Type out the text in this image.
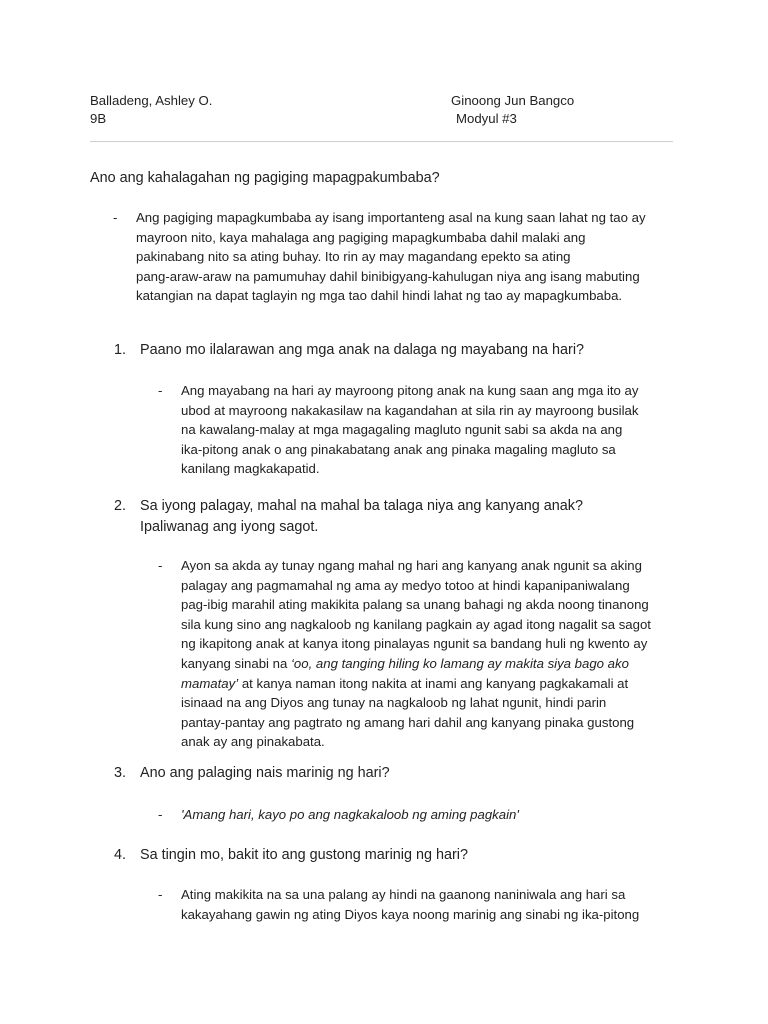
Balladeng, Ashley O.
9B
Ginoong Jun Bangco
Modyul #3
Ano ang kahalagahan ng pagiging mapagpakumbaba?
- Ang pagiging mapagkumbaba ay isang importanteng asal na kung saan lahat ng tao ay
mayroon nito, kaya mahalaga ang pagiging mapagkumbaba dahil malaki ang
pakinabang nito sa ating buhay. Ito rin ay may magandang epekto sa ating
pang-araw-araw na pamumuhay dahil binibigyang-kahulugan niya ang isang mabuting
katangian na dapat taglayin ng mga tao dahil hindi lahat ng tao ay mapagkumbaba.
1. Paano mo ilalarawan ang mga anak na dalaga ng mayabang na hari?
- Ang mayabang na hari ay mayroong pitong anak na kung saan ang mga ito ay
ubod at mayroong nakakasilaw na kagandahan at sila rin ay mayroong busilak
na kawalang-malay at mga magagaling magluto ngunit sabi sa akda na ang
ika-pitong anak o ang pinakabatang anak ang pinaka magaling magluto sa
kanilang magkakapatid.
2. Sa iyong palagay, mahal na mahal ba talaga niya ang kanyang anak?
Ipaliwanag ang iyong sagot.
- Ayon sa akda ay tunay ngang mahal ng hari ang kanyang anak ngunit sa aking
palagay ang pagmamahal ng ama ay medyo totoo at hindi kapanipaniwalang
pag-ibig marahil ating makikita palang sa unang bahagi ng akda noong tinanong
sila kung sino ang nagkaloob ng kanilang pagkain ay agad itong nagalit sa sagot
ng ikapitong anak at kanya itong pinalayas ngunit sa bandang huli ng kwento ay
kanyang sinabi na ‘oo, ang tanging hiling ko lamang ay makita siya bago ako
mamatay’ at kanya naman itong nakita at inami ang kanyang pagkakamali at
isinaad na ang Diyos ang tunay na nagkaloob ng lahat ngunit, hindi parin
pantay-pantay ang pagtrato ng amang hari dahil ang kanyang pinaka gustong
anak ay ang pinakabata.
3. Ano ang palaging nais marinig ng hari?
- 'Amang hari, kayo po ang nagkakaloob ng aming pagkain'
4. Sa tingin mo, bakit ito ang gustong marinig ng hari?
- Ating makikita na sa una palang ay hindi na gaanong naniniwala ang hari sa
kakayahang gawin ng ating Diyos kaya noong marinig ang sinabi ng ika-pitong
